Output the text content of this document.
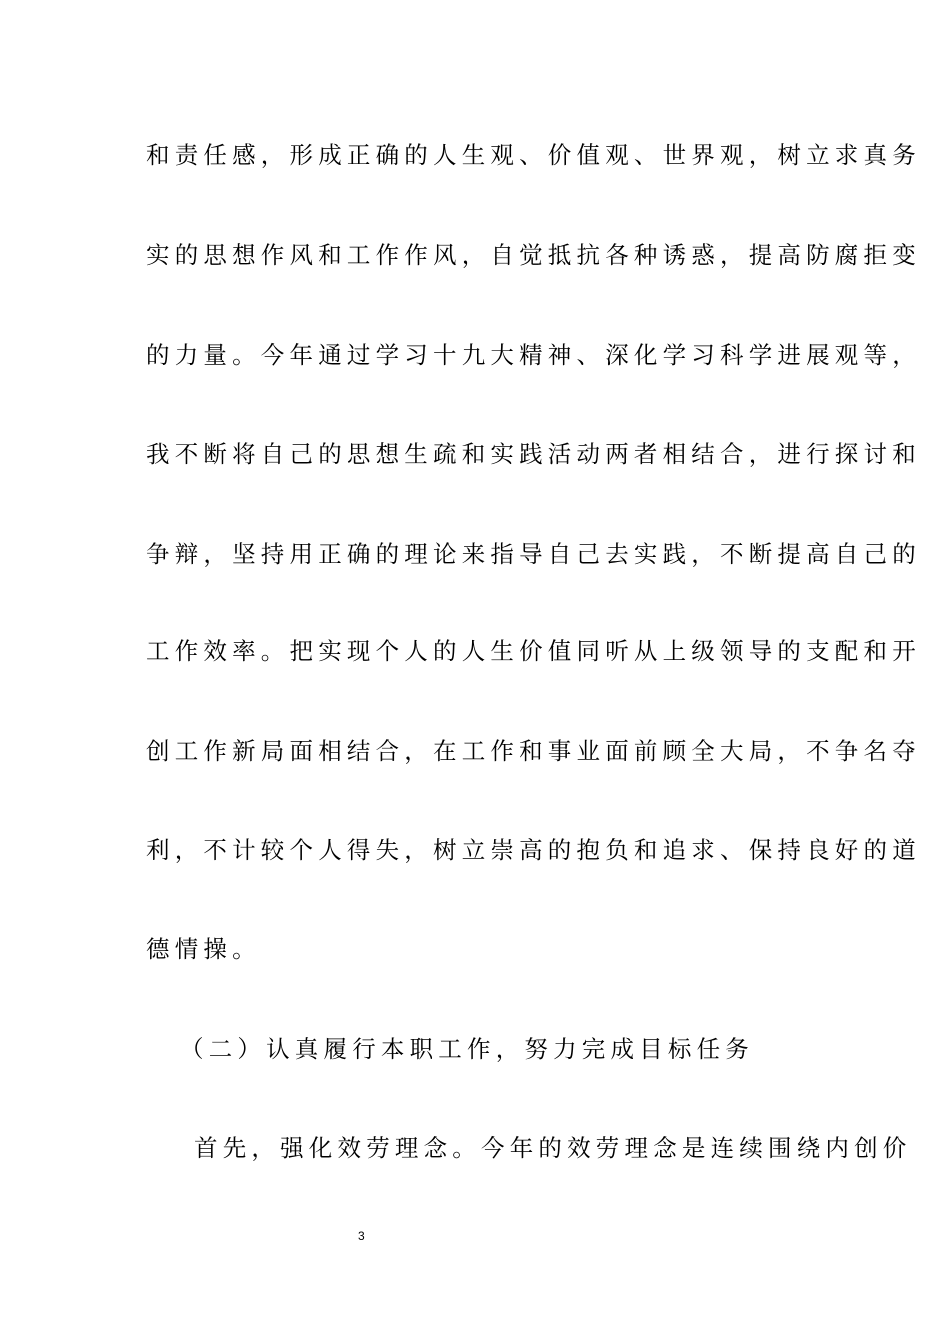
和责任感，形成正确的人生观、价值观、世界观，树立求真务
实的思想作风和工作作风，自觉抵抗各种诱惑，提高防腐拒变
的力量。今年通过学习十九大精神、深化学习科学进展观等，
我不断将自己的思想生疏和实践活动两者相结合，进行探讨和
争辩，坚持用正确的理论来指导自己去实践，不断提高自己的
工作效率。把实现个人的人生价值同听从上级领导的支配和开
创工作新局面相结合，在工作和事业面前顾全大局，不争名夺
利，不计较个人得失，树立崇高的抱负和追求、保持良好的道
德情操。
（二）认真履行本职工作，努力完成目标任务
首先，强化效劳理念。今年的效劳理念是连续围绕内创价
3
